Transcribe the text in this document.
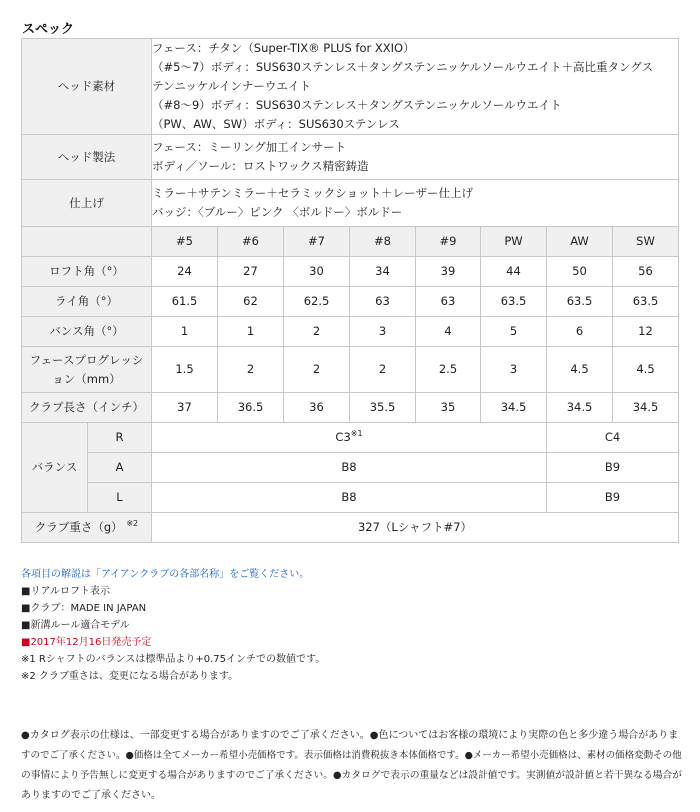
スペック
ヘッド素材		フェース：チタン（Super-TIX® PLUS for XXIO）
（#5～7）ボディ：SUS630ステンレス＋タングステンニッケルソールウエイト＋高比重タングス
テンニッケルインナーウエイト
（#8～9）ボディ：SUS630ステンレス＋タングステンニッケルソールウエイト
（PW、AW、SW）ボディ：SUS630ステンレス							

ヘッド製法		フェース：ミーリング加工インサート
ボディ／ソール：ロストワックス精密鋳造							

仕上げ		ミラー＋サテンミラー＋セラミックショット＋レーザー仕上げ
バッジ：〈ブルー〉ピンク 〈ボルドー〉ボルドー							

		#5	#6	#7	#8	#9	PW	AW	SW
ロフト角（°）		24	27	30	34	39	44	50	56
ライ角（°）		61.5	62	62.5	63	63	63.5	63.5	63.5
バンス角（°）		1	1	2	3	4	5	6	12

フェースプログレッシ
ョン（mm）		1.5	2	2	2	2.5	3	4.5	4.5
クラブ長さ（インチ）		37	36.5	36	35.5	35	34.5	34.5	34.5
バランス	R	C3$^{※1}$						C4	
	A	B8						B9	
	L	B8						B9	
クラブ重さ（g） $^{※2}$		327（Lシャフト#7）							
各項目の解説は「アイアンクラブの各部名称」をご覧ください。
■リアルロフト表示
■クラブ：MADE IN JAPAN
■新溝ルール適合モデル
■2017年12月16日発売予定
※1 Rシャフトのバランスは標準品より+0.75インチでの数値です。
※2 クラブ重さは、変更になる場合があります。
●カタログ表示の仕様は、一部変更する場合がありますのでご了承ください。●色についてはお客様の環境により実際の色と多少違う場合がありま
すのでご了承ください。●価格は全てメーカー希望小売価格です。表示価格は消費税抜き本体価格です。●メーカー希望小売価格は、素材の価格変動その他
の事情により予告無しに変更する場合がありますのでご了承ください。●カタログで表示の重量などは設計値です。実測値が設計値と若干異なる場合が
ありますのでご了承ください。
